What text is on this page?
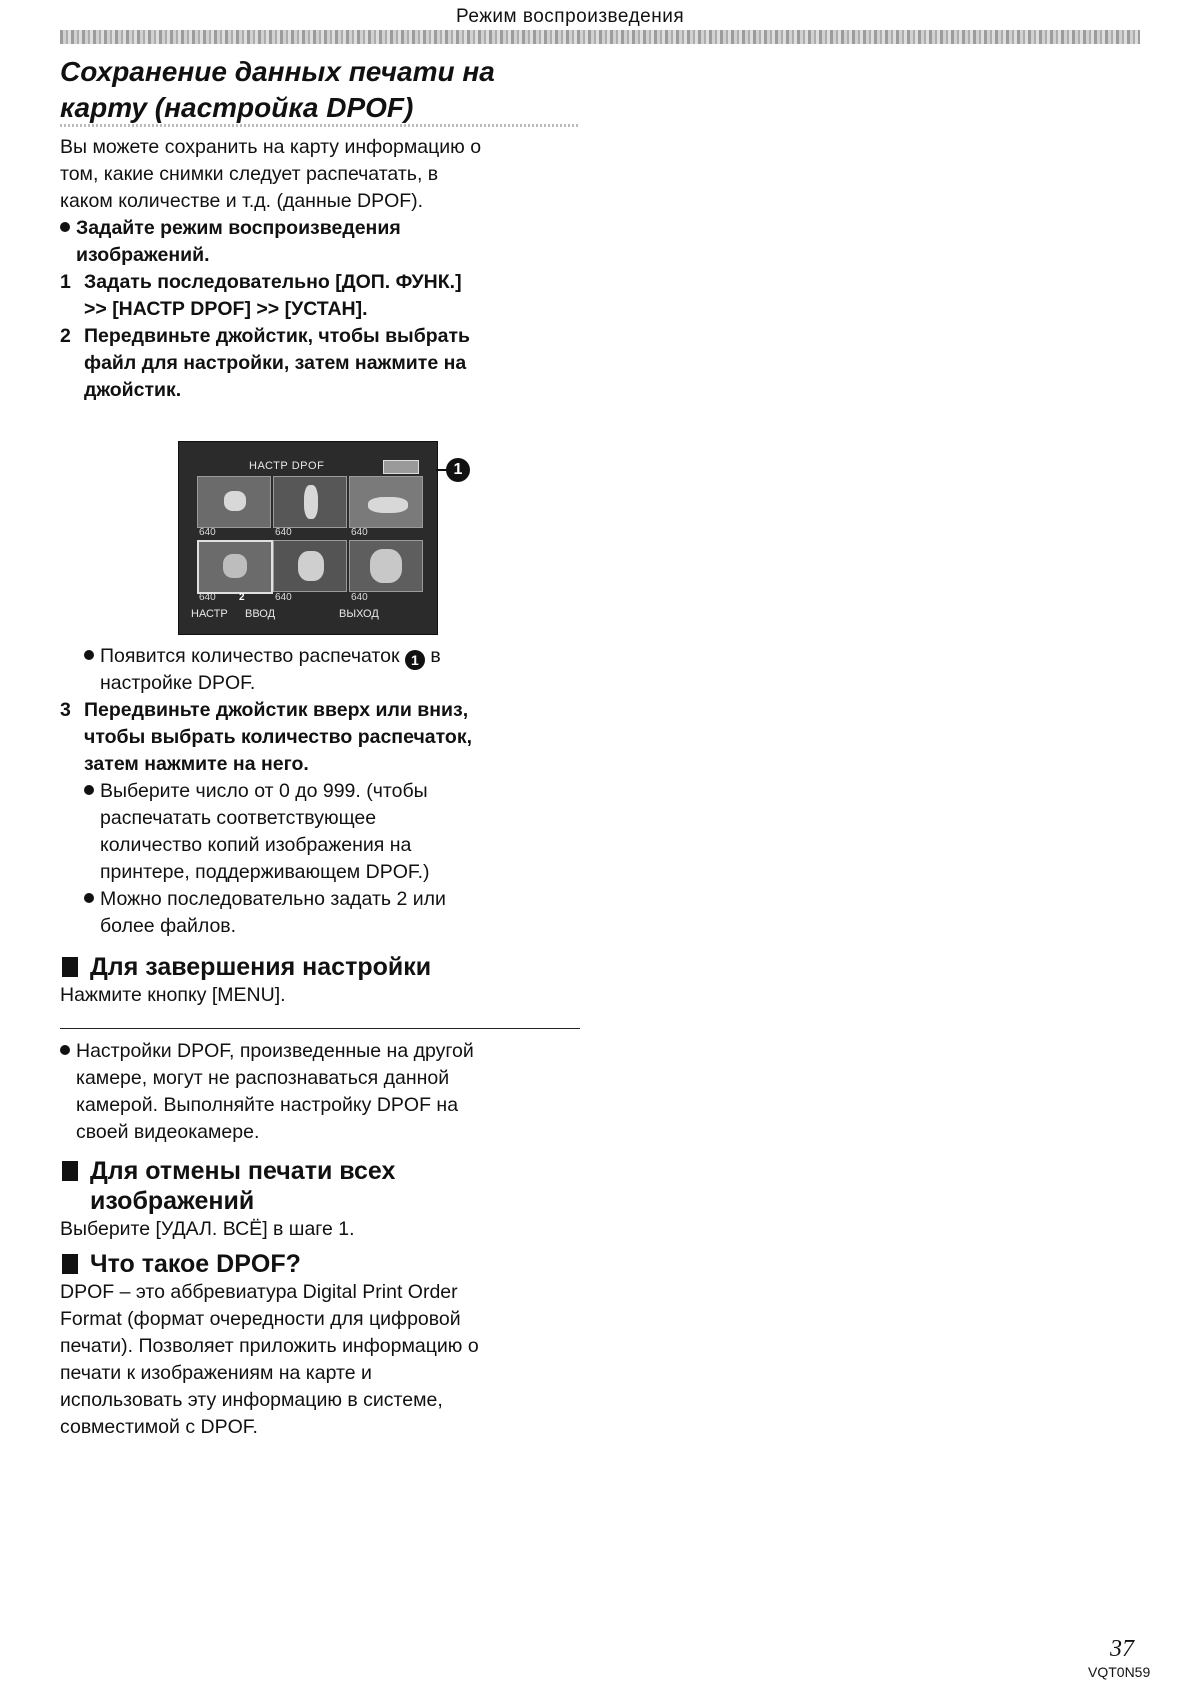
Режим воспроизведения
Сохранение данных печати на
карту (настройка DPOF)

Вы можете сохранить на карту информацию о

том, какие снимки следует распечатать, в

каком количестве и т.д. (данные DPOF).

Задайте режим воспроизведения
изображений.
1 Задать последовательно [ДОП. ФУНК.]
>> [НАСТР DPOF] >> [УСТАН].
2 Передвиньте джойстик, чтобы выбрать
файл для настройки, затем нажмите на
джойстик.
НАСТР DPOF
640	640	640
640 2	640	640
НАСТР ВВОД	ВЫХОД
1
Появится количество распечаток 1 в
настройке DPOF.
3 Передвиньте джойстик вверх или вниз,
чтобы выбрать количество распечаток,
затем нажмите на него.
Выберите число от 0 до 999. (чтобы
распечатать соответствующее
количество копий изображения на
принтере, поддерживающем DPOF.)
Можно последовательно задать 2 или
более файлов.
Для завершения настройки

Нажмите кнопку [MENU].

Настройки DPOF, произведенные на другой
камере, могут не распознаваться данной
камерой. Выполняйте настройку DPOF на
своей видеокамере.
Для отмены печати всех
изображений

Выберите [УДАЛ. ВСЁ] в шаге 1.

Что такое DPOF?

DPOF – это аббревиатура Digital Print Order

Format (формат очередности для цифровой

печати). Позволяет приложить информацию о

печати к изображениям на карте и

использовать эту информацию в системе,

совместимой с DPOF.

37
VQT0N59
